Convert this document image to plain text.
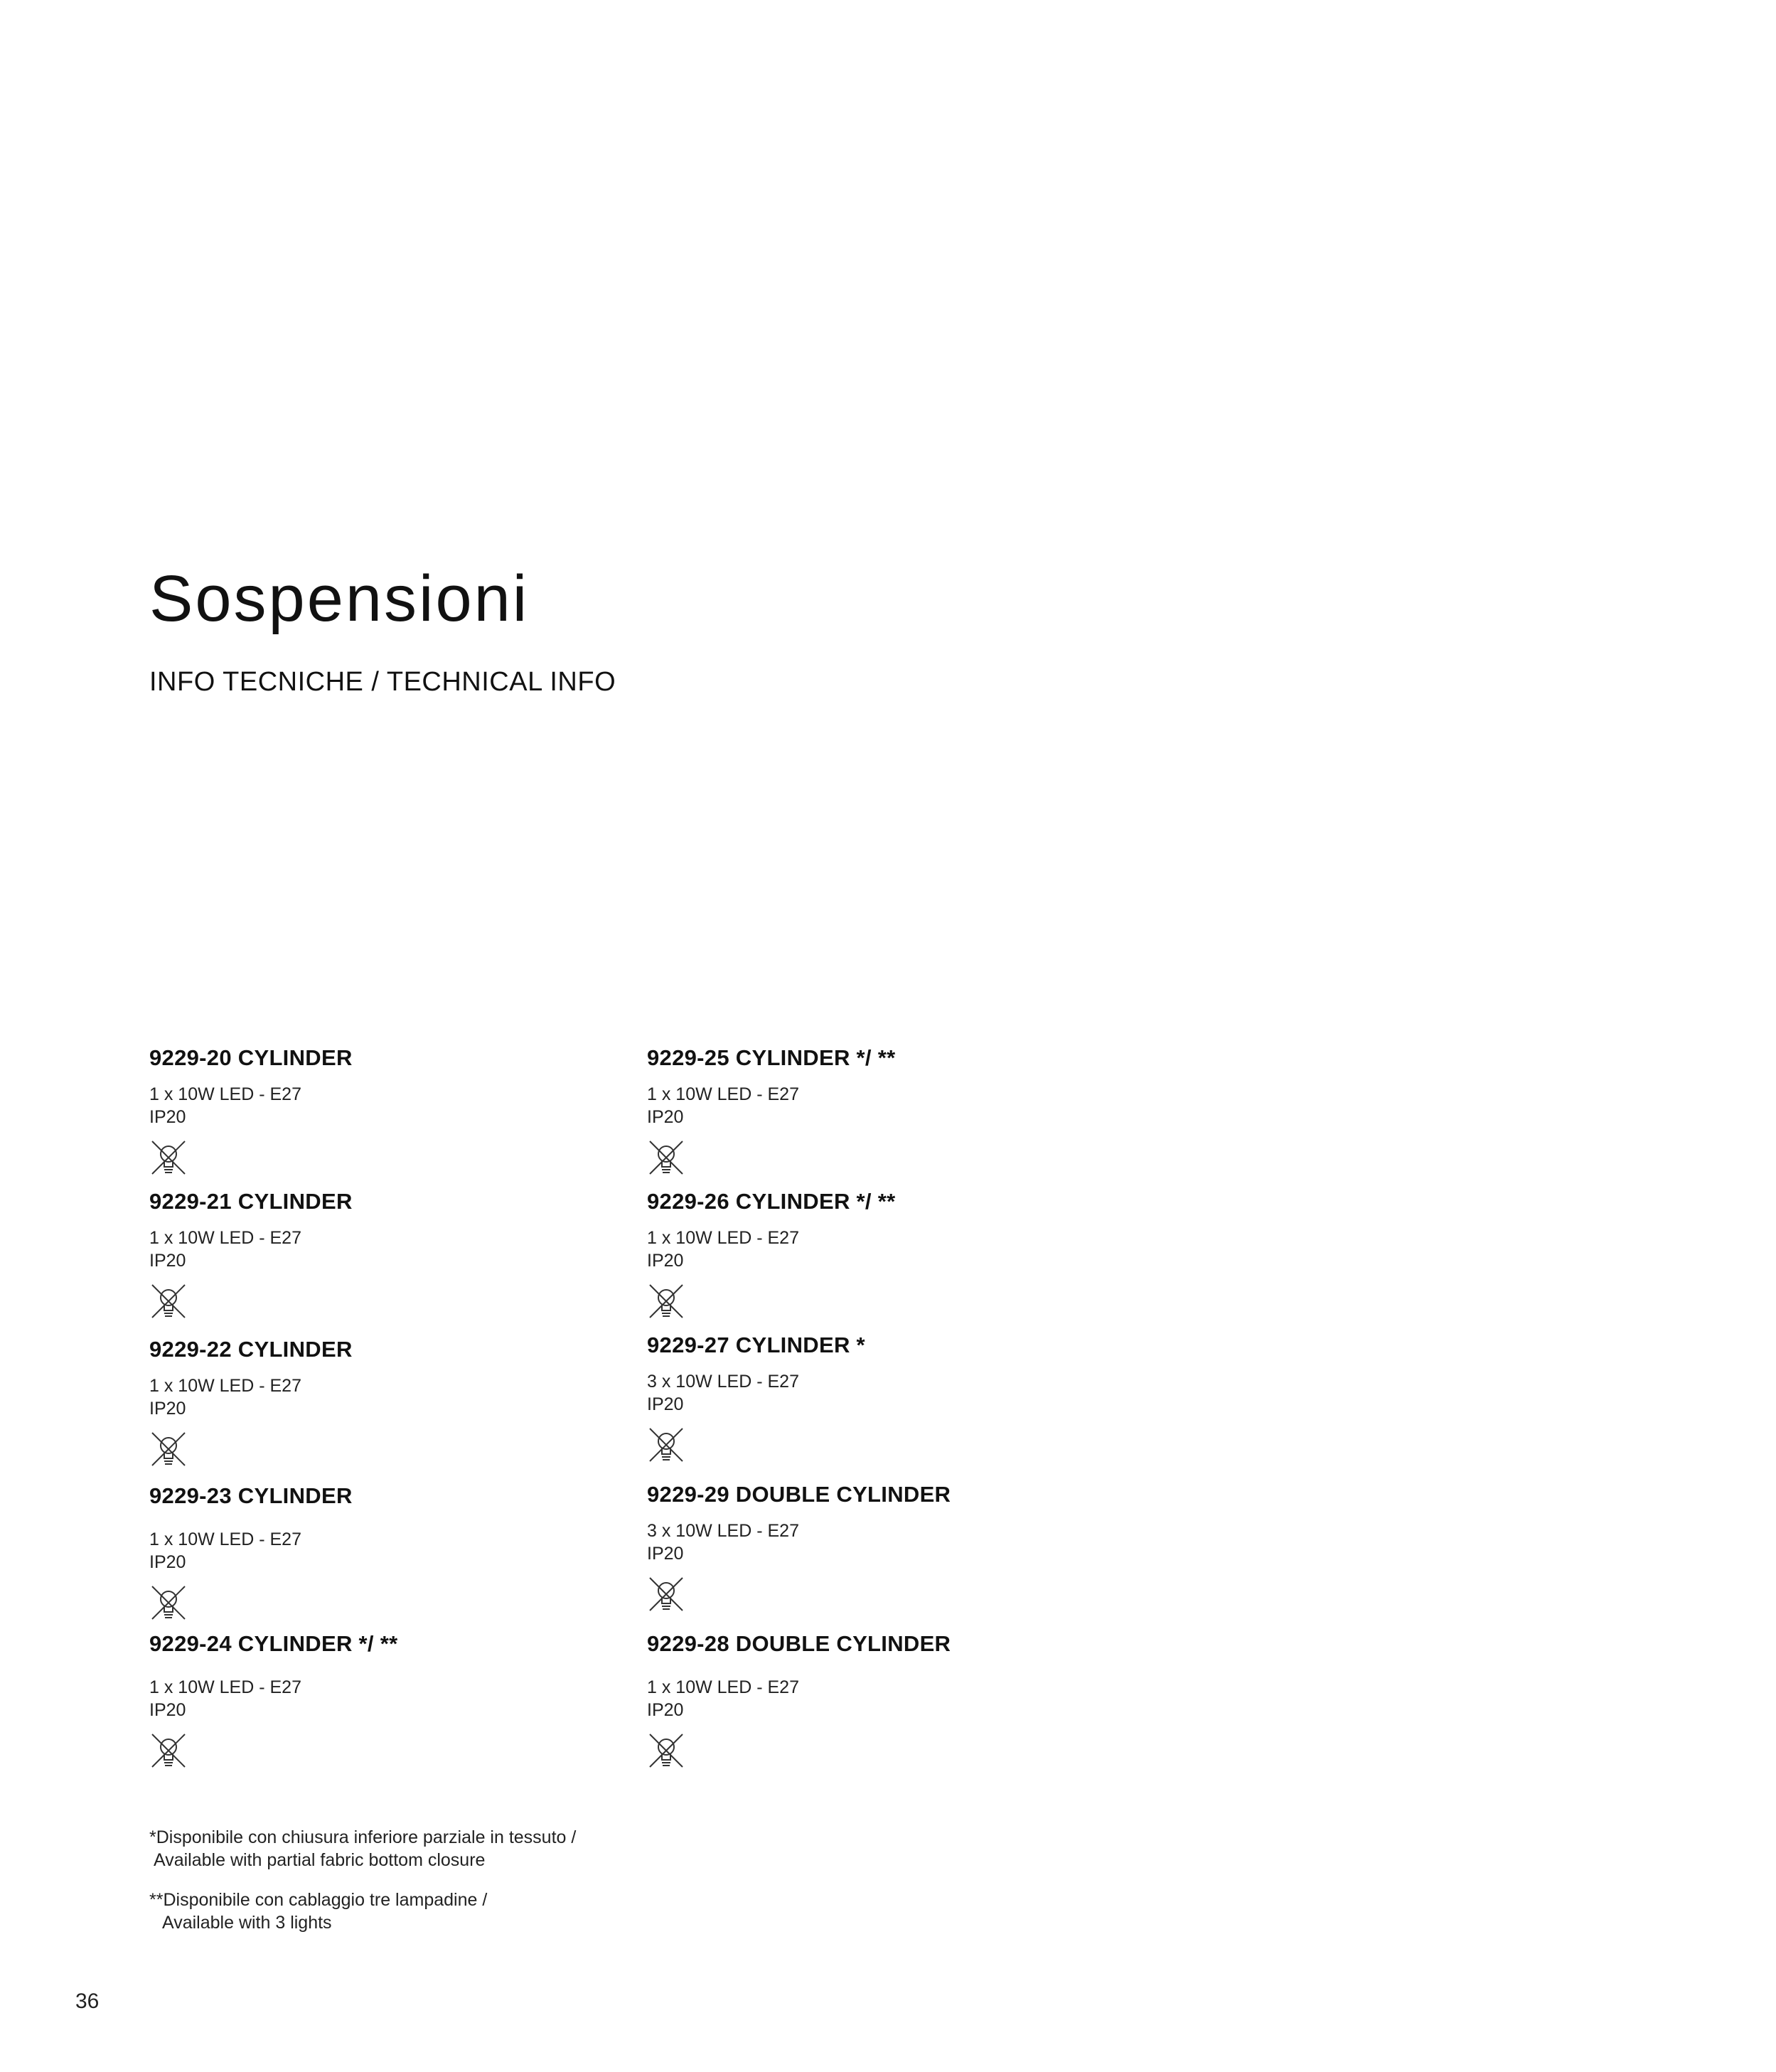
Sospensioni
INFO TECNICHE / TECHNICAL INFO
9229-20 CYLINDER
1 x 10W LED - E27
IP20
9229-21 CYLINDER
1 x 10W LED - E27
IP20
9229-22 CYLINDER
1 x 10W LED - E27
IP20
9229-23 CYLINDER
1 x 10W LED - E27
IP20
9229-24 CYLINDER */ **
1 x 10W LED - E27
IP20
9229-25 CYLINDER */ **
1 x 10W LED - E27
IP20
9229-26 CYLINDER */ **
1 x 10W LED - E27
IP20
9229-27 CYLINDER *
3 x 10W LED - E27
IP20
9229-29 DOUBLE CYLINDER
3 x 10W LED - E27
IP20
9229-28 DOUBLE CYLINDER
1 x 10W LED - E27
IP20
*Disponibile con chiusura inferiore parziale in tessuto /
Available with partial fabric bottom closure
**Disponibile con cablaggio tre lampadine /
Available with 3 lights
36
